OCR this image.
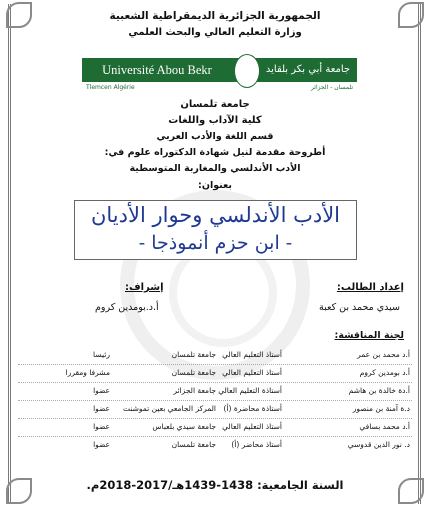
الجمهورية الجزائرية الديمقراطية الشعبية
وزارة التعليم العالي والبحث العلمي
Université Abou Bekr Belkaid
جامعة أبي بكر بلقايد
Tlemcen Algérie	تلمسان - الجزائر
جامعة تلمسان
كلية الآداب واللغات
قسم اللغة والأدب العربي
أطروحة مقدمة لنيل شهادة الدكتوراه علوم في:
الأدب الأندلسي والمغاربة المتوسطية
بعنوان:
الأدب الأندلسي وحوار الأديان
- ابن حزم أنموذجا -
إعداد الطالب:
إشراف:
سيدي محمد بن كعبة
أ.د.بومدين كروم
لجنة المناقشة:
أ.د محمد بن عمر
أستاذ التعليم العالي
جامعة تلمسان
رئيسا
أ.د بومدين كروم
أستاذ التعليم العالي
جامعة تلمسان
مشرفا ومقررا
أ.دة خالدة بن هاشم
أستاذة التعليم العالي
جامعة الجزائر
عضوا
د.ة آمنة بن منصور
أستاذة محاضرة (أ)
المركز الجامعي بعين تموشنت
عضوا
أ.د محمد بسافي
أستاذ التعليم العالي
جامعة سيدي بلعباس
عضوا
د. نور الدين قدوسي
أستاذ محاضر (أ)
جامعة تلمسان
عضوا
السنة الجامعية: 1438-1439هـ/2017-2018م.
